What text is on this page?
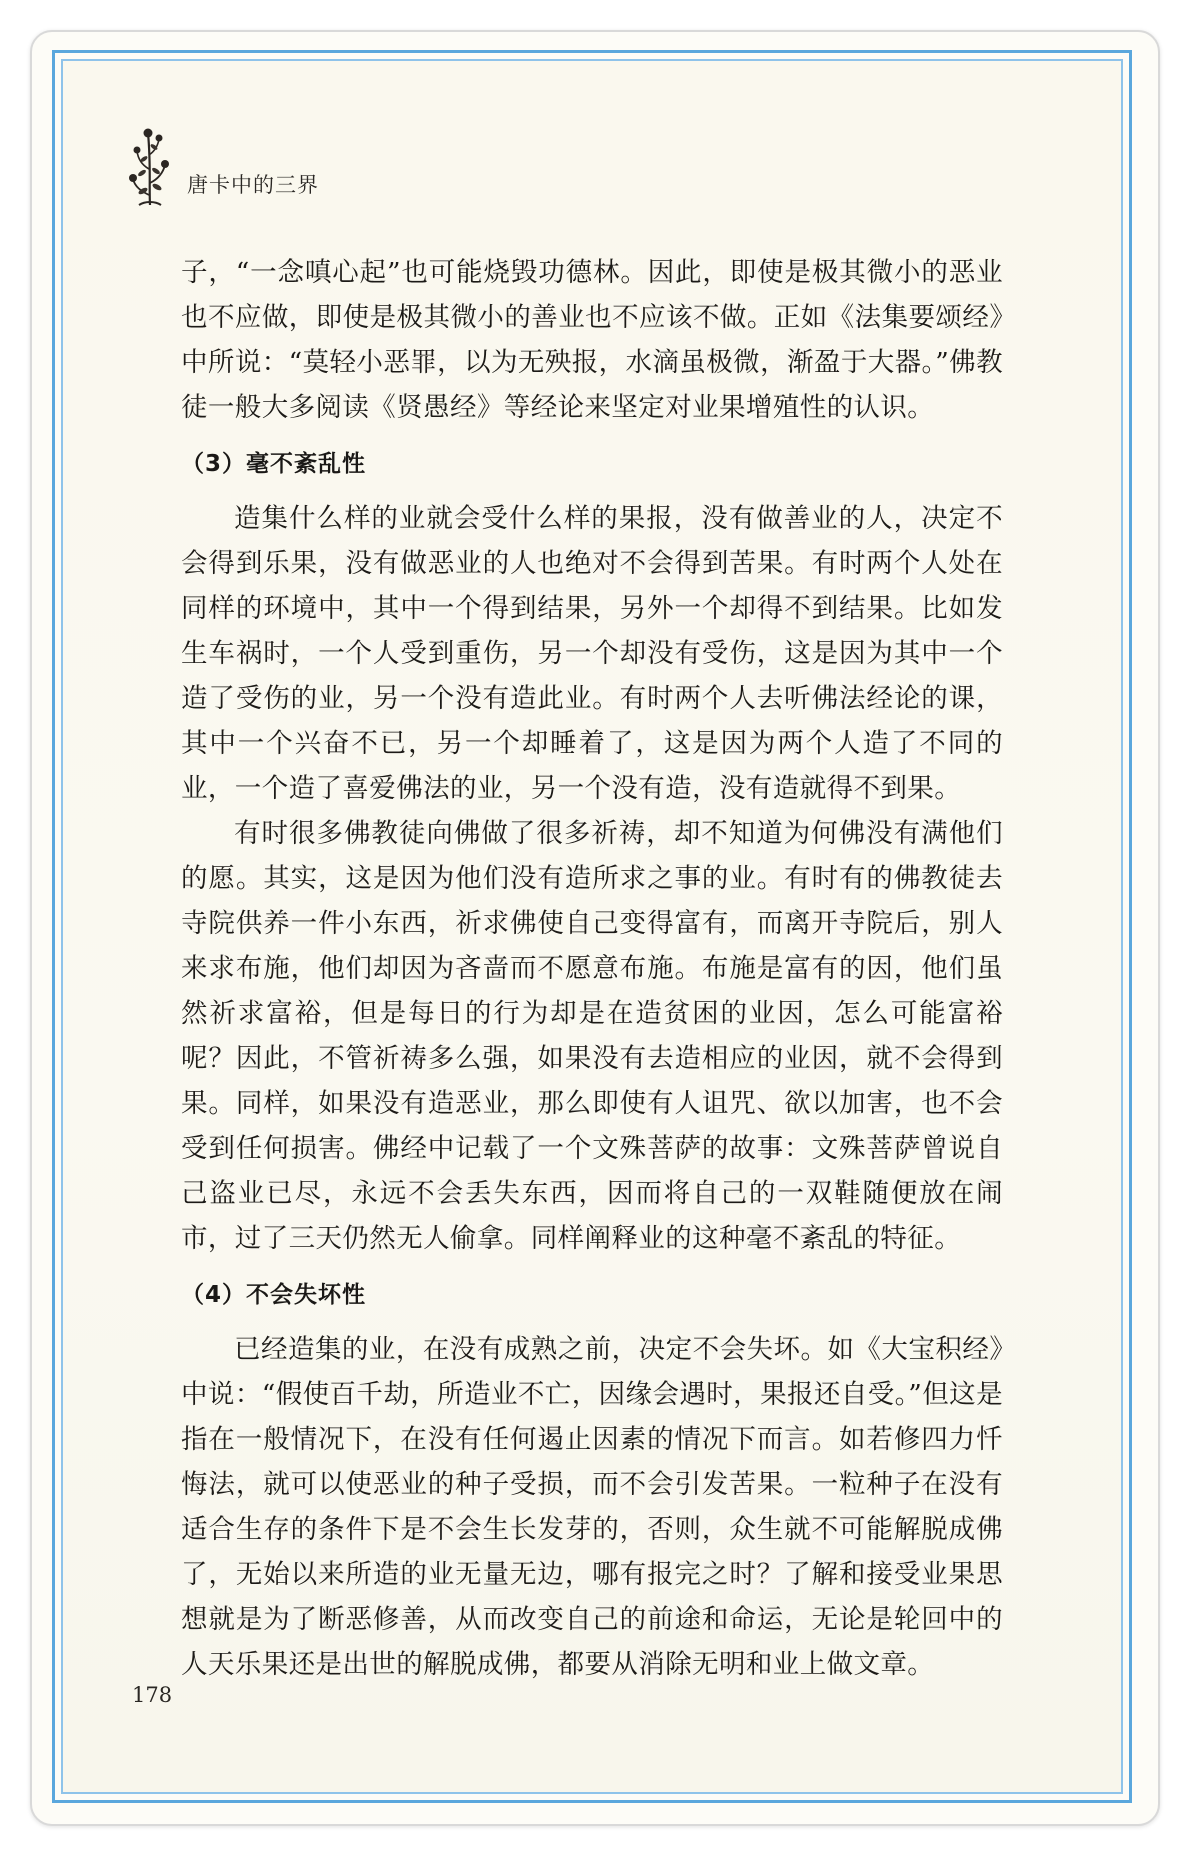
唐卡中的三界

子，“一念嗔心起”也可能烧毁功德林。因此，即使是极其微小的恶业也不应做，即使是极其微小的善业也不应该不做。正如《法集要颂经》中所说：“莫轻小恶罪，以为无殃报，水滴虽极微，渐盈于大器。”佛教徒一般大多阅读《贤愚经》等经论来坚定对业果增殖性的认识。

（3）毫不紊乱性

造集什么样的业就会受什么样的果报，没有做善业的人，决定不会得到乐果，没有做恶业的人也绝对不会得到苦果。有时两个人处在同样的环境中，其中一个得到结果，另外一个却得不到结果。比如发生车祸时，一个人受到重伤，另一个却没有受伤，这是因为其中一个造了受伤的业，另一个没有造此业。有时两个人去听佛法经论的课，其中一个兴奋不已，另一个却睡着了，这是因为两个人造了不同的业，一个造了喜爱佛法的业，另一个没有造，没有造就得不到果。

有时很多佛教徒向佛做了很多祈祷，却不知道为何佛没有满他们的愿。其实，这是因为他们没有造所求之事的业。有时有的佛教徒去寺院供养一件小东西，祈求佛使自己变得富有，而离开寺院后，别人来求布施，他们却因为吝啬而不愿意布施。布施是富有的因，他们虽然祈求富裕，但是每日的行为却是在造贫困的业因，怎么可能富裕呢？因此，不管祈祷多么强，如果没有去造相应的业因，就不会得到果。同样，如果没有造恶业，那么即使有人诅咒、欲以加害，也不会受到任何损害。佛经中记载了一个文殊菩萨的故事：文殊菩萨曾说自己盗业已尽，永远不会丢失东西，因而将自己的一双鞋随便放在闹市，过了三天仍然无人偷拿。同样阐释业的这种毫不紊乱的特征。

（4）不会失坏性

已经造集的业，在没有成熟之前，决定不会失坏。如《大宝积经》中说：“假使百千劫，所造业不亡，因缘会遇时，果报还自受。”但这是指在一般情况下，在没有任何遏止因素的情况下而言。如若修四力忏悔法，就可以使恶业的种子受损，而不会引发苦果。一粒种子在没有适合生存的条件下是不会生长发芽的，否则，众生就不可能解脱成佛了，无始以来所造的业无量无边，哪有报完之时？了解和接受业果思想就是为了断恶修善，从而改变自己的前途和命运，无论是轮回中的人天乐果还是出世的解脱成佛，都要从消除无明和业上做文章。

178
